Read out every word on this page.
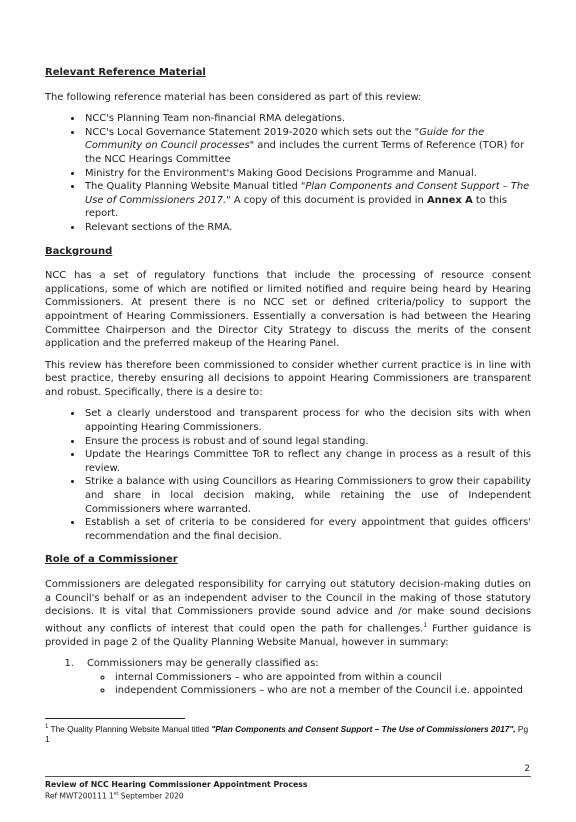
Relevant Reference Material

The following reference material has been considered as part of this review:

• NCC's Planning Team non-financial RMA delegations.
• NCC's Local Governance Statement 2019-2020 which sets out the "Guide for the Community on Council processes" and includes the current Terms of Reference (TOR) for the NCC Hearings Committee
• Ministry for the Environment's Making Good Decisions Programme and Manual.
• The Quality Planning Website Manual titled "Plan Components and Consent Support – The Use of Commissioners 2017." A copy of this document is provided in Annex A to this report.
• Relevant sections of the RMA.
Background

NCC has a set of regulatory functions that include the processing of resource consent applications, some of which are notified or limited notified and require being heard by Hearing Commissioners. At present there is no NCC set or defined criteria/policy to support the appointment of Hearing Commissioners. Essentially a conversation is had between the Hearing Committee Chairperson and the Director City Strategy to discuss the merits of the consent application and the preferred makeup of the Hearing Panel.

This review has therefore been commissioned to consider whether current practice is in line with best practice, thereby ensuring all decisions to appoint Hearing Commissioners are transparent and robust. Specifically, there is a desire to:

• Set a clearly understood and transparent process for who the decision sits with when appointing Hearing Commissioners.
• Ensure the process is robust and of sound legal standing.
• Update the Hearings Committee ToR to reflect any change in process as a result of this review.
• Strike a balance with using Councillors as Hearing Commissioners to grow their capability and share in local decision making, while retaining the use of Independent Commissioners where warranted.
• Establish a set of criteria to be considered for every appointment that guides officers' recommendation and the final decision.
Role of a Commissioner

Commissioners are delegated responsibility for carrying out statutory decision-making duties on a Council's behalf or as an independent adviser to the Council in the making of those statutory decisions. It is vital that Commissioners provide sound advice and /or make sound decisions without any conflicts of interest that could open the path for challenges.$^1$ Further guidance is provided in page 2 of the Quality Planning Website Manual, however in summary:

1. Commissioners may be generally classified as:
◦ internal Commissioners – who are appointed from within a council
◦ independent Commissioners – who are not a member of the Council i.e. appointed
$^1$ The Quality Planning Website Manual titled "Plan Components and Consent Support – The Use of Commissioners 2017", Pg 1
2
Review of NCC Hearing Commissioner Appointment Process
Ref MWT200111 1st September 2020
